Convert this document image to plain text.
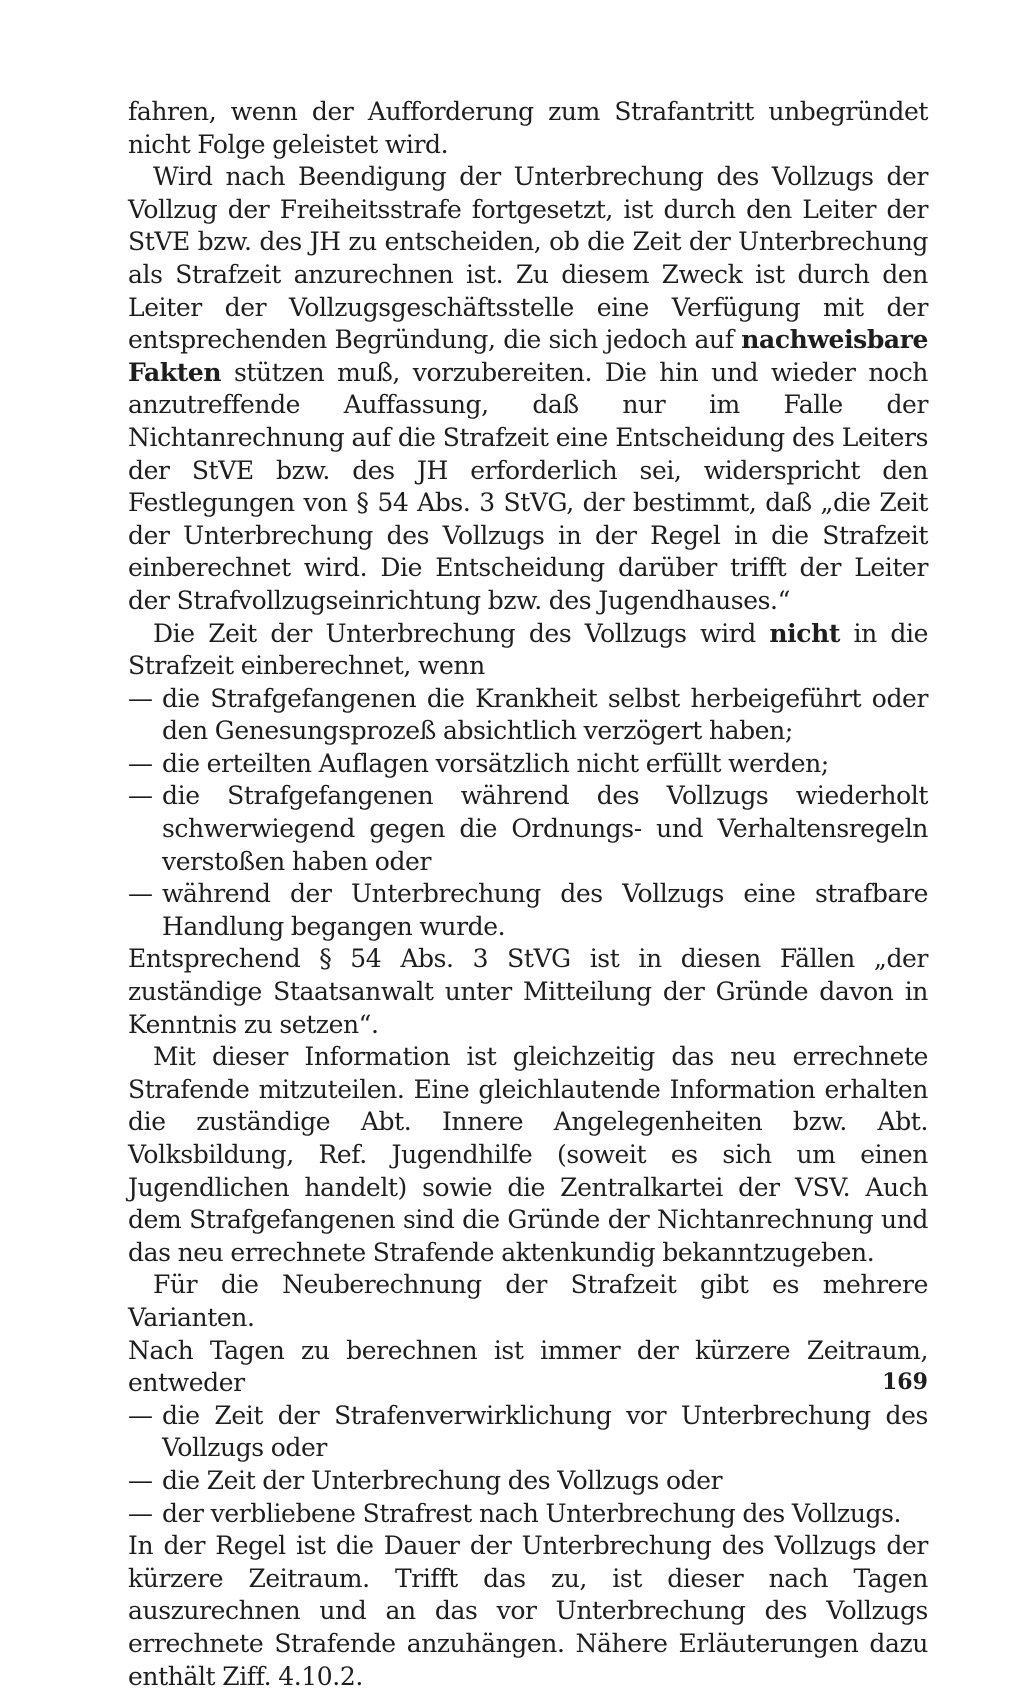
fahren, wenn der Aufforderung zum Strafantritt unbegründet nicht Folge geleistet wird.

Wird nach Beendigung der Unterbrechung des Vollzugs der Vollzug der Freiheitsstrafe fortgesetzt, ist durch den Leiter der StVE bzw. des JH zu entscheiden, ob die Zeit der Unterbrechung als Strafzeit anzurechnen ist. Zu diesem Zweck ist durch den Leiter der Vollzugsgeschäftsstelle eine Verfügung mit der entsprechenden Begründung, die sich jedoch auf nachweisbare Fakten stützen muß, vorzubereiten. Die hin und wieder noch anzutreffende Auffassung, daß nur im Falle der Nichtanrechnung auf die Strafzeit eine Entscheidung des Leiters der StVE bzw. des JH erforderlich sei, widerspricht den Festlegungen von § 54 Abs. 3 StVG, der bestimmt, daß „die Zeit der Unterbrechung des Vollzugs in der Regel in die Strafzeit einberechnet wird. Die Entscheidung darüber trifft der Leiter der Strafvollzugseinrichtung bzw. des Jugendhauses.“

Die Zeit der Unterbrechung des Vollzugs wird nicht in die Strafzeit einberechnet, wenn

— die Strafgefangenen die Krankheit selbst herbeigeführt oder den Genesungsprozeß absichtlich verzögert haben;
— die erteilten Auflagen vorsätzlich nicht erfüllt werden;
— die Strafgefangenen während des Vollzugs wiederholt schwerwiegend gegen die Ordnungs- und Verhaltensregeln verstoßen haben oder
— während der Unterbrechung des Vollzugs eine strafbare Handlung begangen wurde.

Entsprechend § 54 Abs. 3 StVG ist in diesen Fällen „der zuständige Staatsanwalt unter Mitteilung der Gründe davon in Kenntnis zu setzen“.

Mit dieser Information ist gleichzeitig das neu errechnete Strafende mitzuteilen. Eine gleichlautende Information erhalten die zuständige Abt. Innere Angelegenheiten bzw. Abt. Volksbildung, Ref. Jugendhilfe (soweit es sich um einen Jugendlichen handelt) sowie die Zentralkartei der VSV. Auch dem Strafgefangenen sind die Gründe der Nichtanrechnung und das neu errechnete Strafende aktenkundig bekanntzugeben.

Für die Neuberechnung der Strafzeit gibt es mehrere Varianten.

Nach Tagen zu berechnen ist immer der kürzere Zeitraum, entweder

— die Zeit der Strafenverwirklichung vor Unterbrechung des Vollzugs oder
— die Zeit der Unterbrechung des Vollzugs oder
— der verbliebene Strafrest nach Unterbrechung des Vollzugs.

In der Regel ist die Dauer der Unterbrechung des Vollzugs der kürzere Zeitraum. Trifft das zu, ist dieser nach Tagen auszurechnen und an das vor Unterbrechung des Vollzugs errechnete Strafende anzuhängen. Nähere Erläuterungen dazu enthält Ziff. 4.10.2.

169
